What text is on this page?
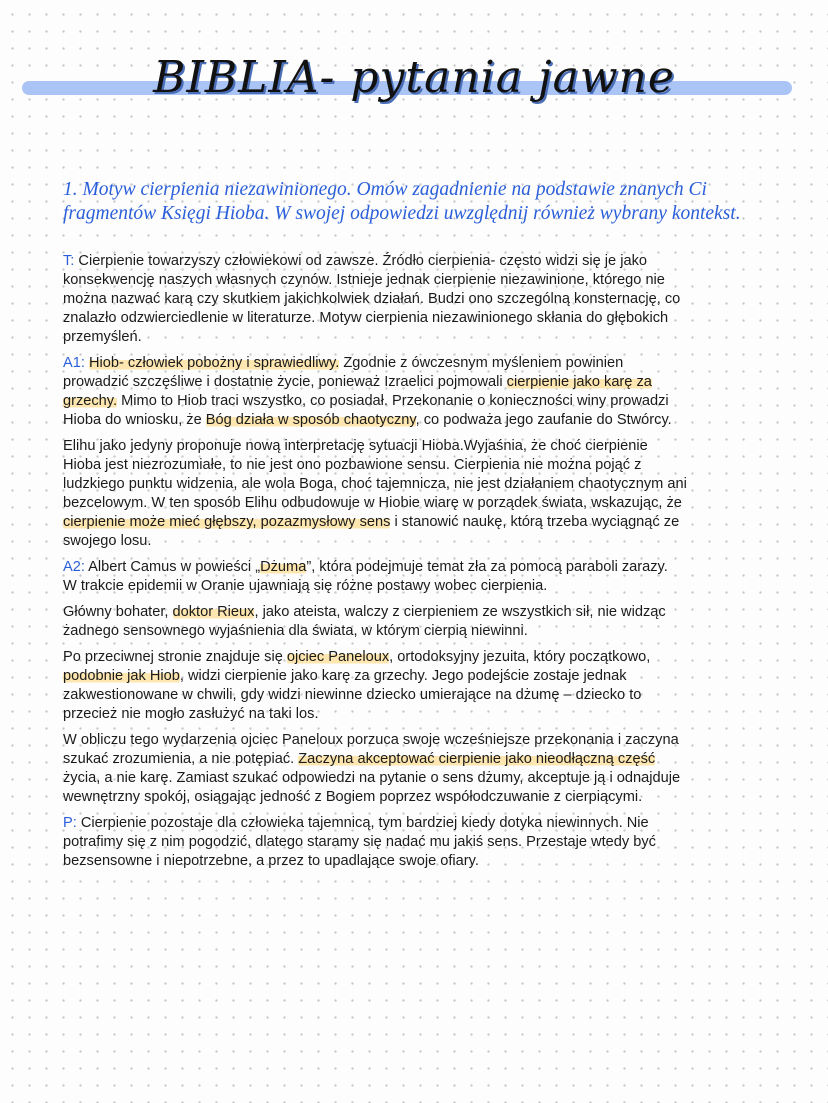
BIBLIA- pytania jawne
1. Motyw cierpienia niezawinionego. Omów zagadnienie na podstawie znanych Ci
fragmentów Księgi Hioba. W swojej odpowiedzi uwzględnij również wybrany kontekst.
T: Cierpienie towarzyszy człowiekowi od zawsze. Źródło cierpienia- często widzi się je jako
konsekwencję naszych własnych czynów. Istnieje jednak cierpienie niezawinione, którego nie
można nazwać karą czy skutkiem jakichkolwiek działań. Budzi ono szczególną konsternację, co
znalazło odzwierciedlenie w literaturze. Motyw cierpienia niezawinionego skłania do głębokich
przemyśleń.
A1: Hiob- człowiek pobożny i sprawiedliwy. Zgodnie z ówczesnym myśleniem powinien
prowadzić szczęśliwe i dostatnie życie, ponieważ Izraelici pojmowali cierpienie jako karę za
grzechy. Mimo to Hiob traci wszystko, co posiadał. Przekonanie o konieczności winy prowadzi
Hioba do wniosku, że Bóg działa w sposób chaotyczny, co podważa jego zaufanie do Stwórcy.
Elihu jako jedyny proponuje nową interpretację sytuacji Hioba.Wyjaśnia, że choć cierpienie
Hioba jest niezrozumiałe, to nie jest ono pozbawione sensu. Cierpienia nie można pojąć z
ludzkiego punktu widzenia, ale wola Boga, choć tajemnicza, nie jest działaniem chaotycznym ani
bezcelowym. W ten sposób Elihu odbudowuje w Hiobie wiarę w porządek świata, wskazując, że
cierpienie może mieć głębszy, pozazmysłowy sens i stanowić naukę, którą trzeba wyciągnąć ze
swojego losu.
A2: Albert Camus w powieści „Dżuma”, która podejmuje temat zła za pomocą paraboli zarazy.
W trakcie epidemii w Oranie ujawniają się różne postawy wobec cierpienia.
Główny bohater, doktor Rieux, jako ateista, walczy z cierpieniem ze wszystkich sił, nie widząc
żadnego sensownego wyjaśnienia dla świata, w którym cierpią niewinni.
Po przeciwnej stronie znajduje się ojciec Paneloux, ortodoksyjny jezuita, który początkowo,
podobnie jak Hiob, widzi cierpienie jako karę za grzechy. Jego podejście zostaje jednak
zakwestionowane w chwili, gdy widzi niewinne dziecko umierające na dżumę – dziecko to
przecież nie mogło zasłużyć na taki los.
W obliczu tego wydarzenia ojciec Paneloux porzuca swoje wcześniejsze przekonania i zaczyna
szukać zrozumienia, a nie potępiać. Zaczyna akceptować cierpienie jako nieodłączną część
życia, a nie karę. Zamiast szukać odpowiedzi na pytanie o sens dżumy, akceptuje ją i odnajduje
wewnętrzny spokój, osiągając jedność z Bogiem poprzez współodczuwanie z cierpiącymi.
P: Cierpienie pozostaje dla człowieka tajemnicą, tym bardziej kiedy dotyka niewinnych. Nie
potrafimy się z nim pogodzić, dlatego staramy się nadać mu jakiś sens. Przestaje wtedy być
bezsensowne i niepotrzebne, a przez to upadlające swoje ofiary.
